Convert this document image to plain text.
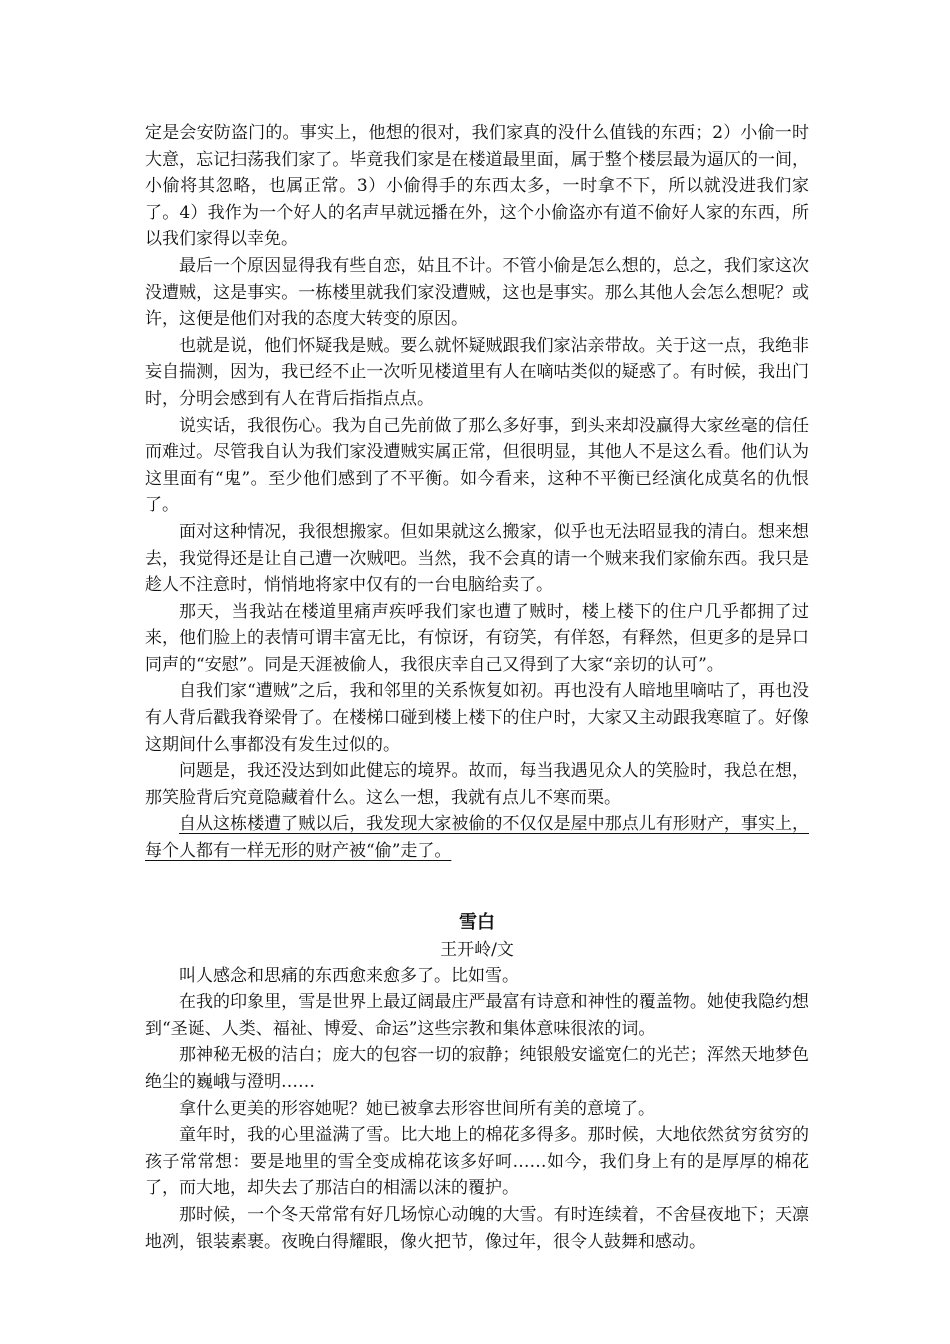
定是会安防盗门的。事实上，他想的很对，我们家真的没什么值钱的东西；2）小偷一时大意，忘记扫荡我们家了。毕竟我们家是在楼道最里面，属于整个楼层最为逼仄的一间，小偷将其忽略，也属正常。3）小偷得手的东西太多，一时拿不下，所以就没进我们家了。4）我作为一个好人的名声早就远播在外，这个小偷盗亦有道不偷好人家的东西，所以我们家得以幸免。

最后一个原因显得我有些自恋，姑且不计。不管小偷是怎么想的，总之，我们家这次没遭贼，这是事实。一栋楼里就我们家没遭贼，这也是事实。那么其他人会怎么想呢？或许，这便是他们对我的态度大转变的原因。

也就是说，他们怀疑我是贼。要么就怀疑贼跟我们家沾亲带故。关于这一点，我绝非妄自揣测，因为，我已经不止一次听见楼道里有人在嘀咕类似的疑惑了。有时候，我出门时，分明会感到有人在背后指指点点。

说实话，我很伤心。我为自己先前做了那么多好事，到头来却没赢得大家丝毫的信任而难过。尽管我自认为我们家没遭贼实属正常，但很明显，其他人不是这么看。他们认为这里面有“鬼”。至少他们感到了不平衡。如今看来，这种不平衡已经演化成莫名的仇恨了。

面对这种情况，我很想搬家。但如果就这么搬家，似乎也无法昭显我的清白。想来想去，我觉得还是让自己遭一次贼吧。当然，我不会真的请一个贼来我们家偷东西。我只是趁人不注意时，悄悄地将家中仅有的一台电脑给卖了。

那天，当我站在楼道里痛声疾呼我们家也遭了贼时，楼上楼下的住户几乎都拥了过来，他们脸上的表情可谓丰富无比，有惊讶，有窃笑，有佯怒，有释然，但更多的是异口同声的“安慰”。同是天涯被偷人，我很庆幸自己又得到了大家“亲切的认可”。

自我们家“遭贼”之后，我和邻里的关系恢复如初。再也没有人暗地里嘀咕了，再也没有人背后戳我脊梁骨了。在楼梯口碰到楼上楼下的住户时，大家又主动跟我寒暄了。好像这期间什么事都没有发生过似的。

问题是，我还没达到如此健忘的境界。故而，每当我遇见众人的笑脸时，我总在想，那笑脸背后究竟隐藏着什么。这么一想，我就有点儿不寒而栗。

自从这栋楼遭了贼以后，我发现大家被偷的不仅仅是屋中那点儿有形财产，事实上，每个人都有一样无形的财产被“偷”走了。

雪白

王开岭/文

叫人感念和思痛的东西愈来愈多了。比如雪。

在我的印象里，雪是世界上最辽阔最庄严最富有诗意和神性的覆盖物。她使我隐约想到“圣诞、人类、福祉、博爱、命运”这些宗教和集体意味很浓的词。

那神秘无极的洁白；庞大的包容一切的寂静；纯银般安谧宽仁的光芒；浑然天地梦色绝尘的巍峨与澄明……

拿什么更美的形容她呢？她已被拿去形容世间所有美的意境了。

童年时，我的心里溢满了雪。比大地上的棉花多得多。那时候，大地依然贫穷贫穷的孩子常常想：要是地里的雪全变成棉花该多好呵……如今，我们身上有的是厚厚的棉花了，而大地，却失去了那洁白的相濡以沫的覆护。

那时候，一个冬天常常有好几场惊心动魄的大雪。有时连续着，不舍昼夜地下；天凛地冽，银装素裹。夜晚白得耀眼，像火把节，像过年，很令人鼓舞和感动。
